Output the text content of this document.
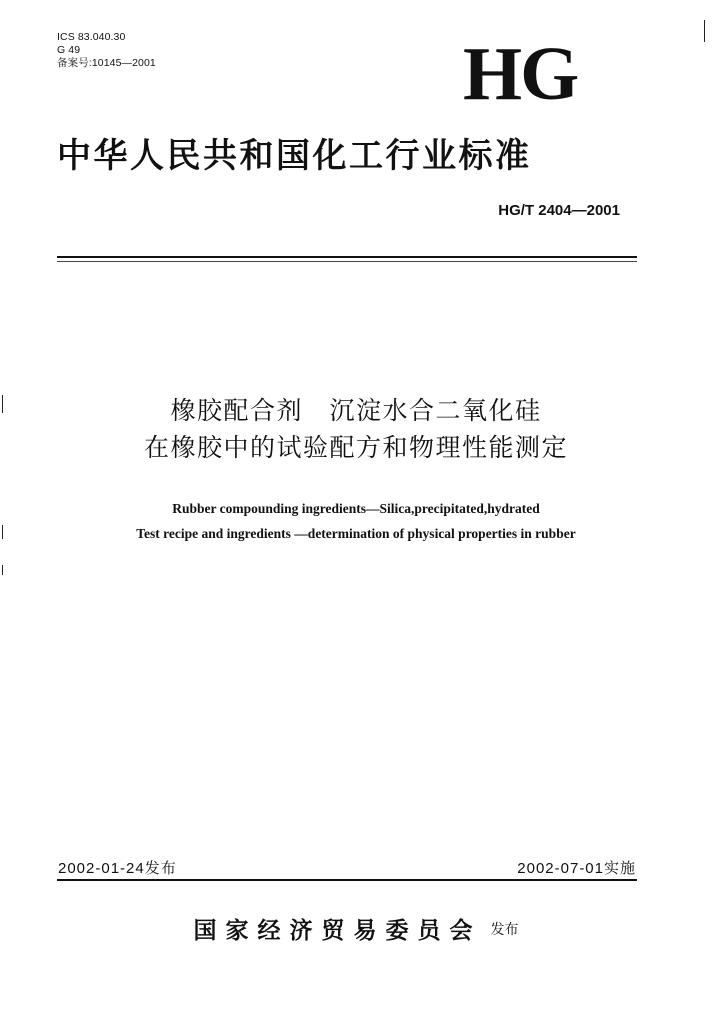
ICS 83.040.30
G 49
备案号:10145—2001	HG
中华人民共和国化工行业标准
HG/T 2404—2001
橡胶配合剂　沉淀水合二氧化硅
在橡胶中的试验配方和物理性能测定
Rubber compounding ingredients—Silica,precipitated,hydrated
Test recipe and ingredients —determination of physical properties in rubber
2002-01-24发布	2002-07-01实施
国家经济贸易委员会 发布
